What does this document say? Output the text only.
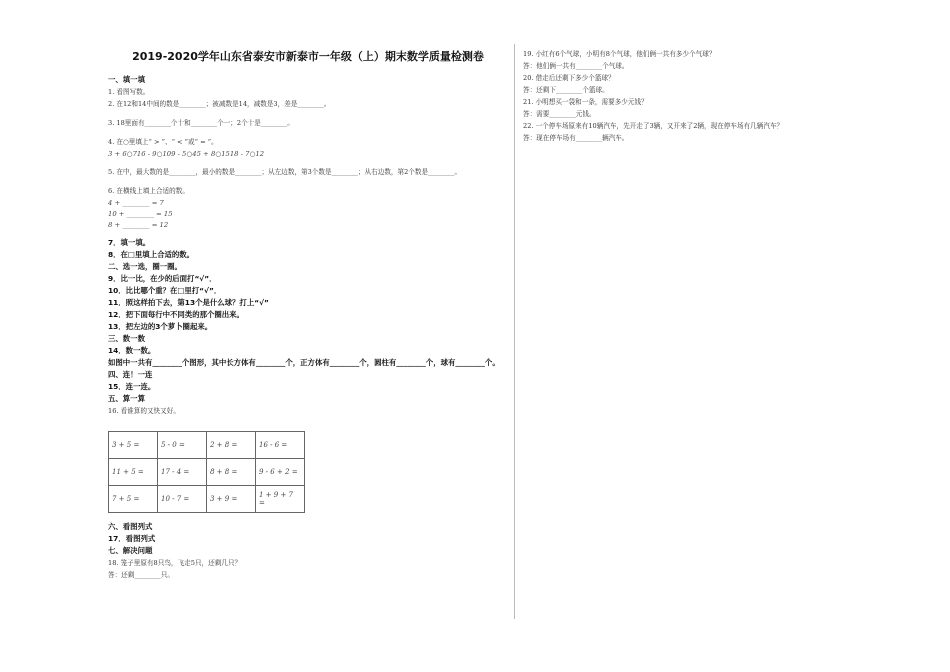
2019-2020学年山东省泰安市新泰市一年级（上）期末数学质量检测卷
一、填一填
1. 看图写数。
2. 在12和14中间的数是________；被减数是14，减数是3，差是________。
3. 18里面有________个十和________个一；2个十是________。
4. 在○里填上“ > ”、“ < ”或“ = ”。
3 + 6○716 - 9○109 - 5○45 + 8○1518 - 7○12
5. 在中，最大数的是________，最小的数是________；从左边数，第3个数是________；从右边数，第2个数是________。
6. 在横线上填上合适的数。
4 + ________ = 7
10 + ________ = 15
8 + ________ = 12
7．填一填。
8．在□里填上合适的数。
二、选一选，圈一圈。
9．比一比，在少的后面打“√”．
10．比比哪个重？在□里打“√”．
11．照这样拍下去，第13个是什么球？打上“√”
12．把下面每行中不同类的那个圈出来。
13．把左边的3个萝卜圈起来。
三、数一数
14．数一数。
如图中一共有________个图形，其中长方体有________个，正方体有________个，圆柱有________个，球有________个。
四、连！一连
15．连一连。
五、算一算
16. 看谁算的又快又好。
3 + 5 =	5 - 0 =	2 + 8 =	16 - 6 =
11 + 5 =	17 - 4 =	8 + 8 =	9 - 6 + 2 =
7 + 5 =	10 - 7 =	3 + 9 =	1 + 9 + 7 =
六、看图列式
17．看图列式
七、解决问题
18. 笼子里原有8只鸟，飞走5只，还剩几只？
答：还剩________只。
19. 小红有6个气球，小明有8个气球，他们俩一共有多少个气球？
答：他们俩一共有________个气球。
20. 借走后还剩下多少个篮球？
答：还剩下________个篮球。
21. 小明想买一袋和一条，需要多少元钱？
答：需要________元钱。
22. 一个停车场原来有10辆汽车，先开走了3辆，又开来了2辆，现在停车场有几辆汽车？
答：现在停车场有________辆汽车。
